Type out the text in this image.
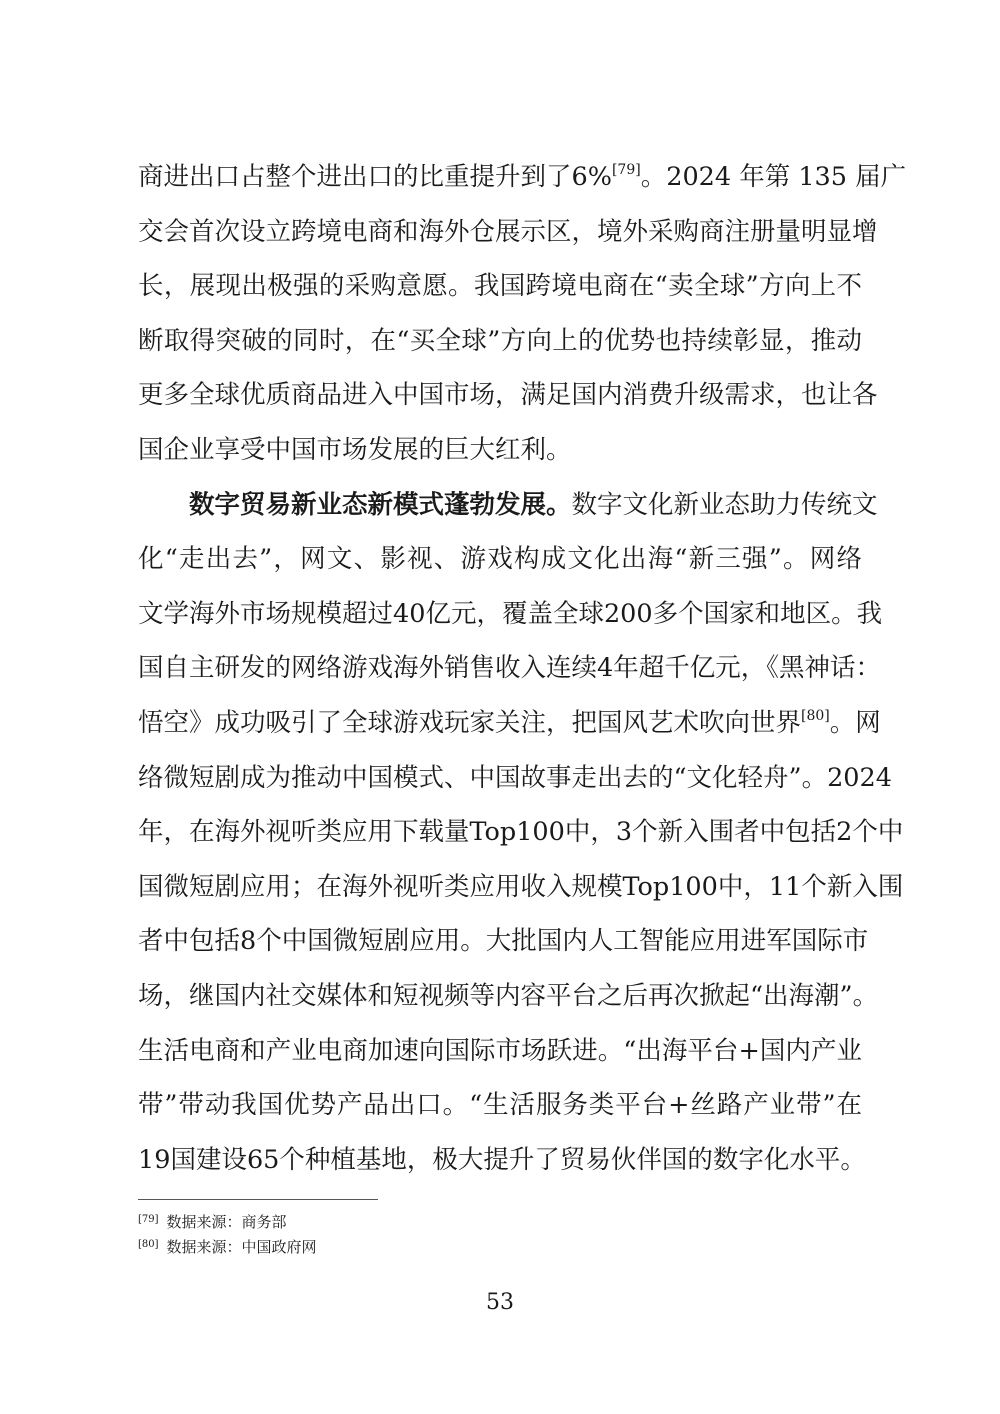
商进出口占整个进出口的比重提升到了6%[79]。2024 年第 135 届广
交会首次设立跨境电商和海外仓展示区，境外采购商注册量明显增
长，展现出极强的采购意愿。我国跨境电商在“卖全球”方向上不
断取得突破的同时，在“买全球”方向上的优势也持续彰显，推动
更多全球优质商品进入中国市场，满足国内消费升级需求，也让各
国企业享受中国市场发展的巨大红利。
数字贸易新业态新模式蓬勃发展。数字文化新业态助力传统文
化“走出去”，网文、影视、游戏构成文化出海“新三强”。网络
文学海外市场规模超过40亿元，覆盖全球200多个国家和地区。我
国自主研发的网络游戏海外销售收入连续4年超千亿元，《黑神话：
悟空》成功吸引了全球游戏玩家关注，把国风艺术吹向世界[80]。网
络微短剧成为推动中国模式、中国故事走出去的“文化轻舟”。2024
年，在海外视听类应用下载量Top100中，3个新入围者中包括2个中
国微短剧应用；在海外视听类应用收入规模Top100中，11个新入围
者中包括8个中国微短剧应用。大批国内人工智能应用进军国际市
场，继国内社交媒体和短视频等内容平台之后再次掀起“出海潮”。
生活电商和产业电商加速向国际市场跃进。“出海平台+国内产业
带”带动我国优势产品出口。“生活服务类平台+丝路产业带”在
19国建设65个种植基地，极大提升了贸易伙伴国的数字化水平。
[79] 数据来源：商务部
[80] 数据来源：中国政府网
53
